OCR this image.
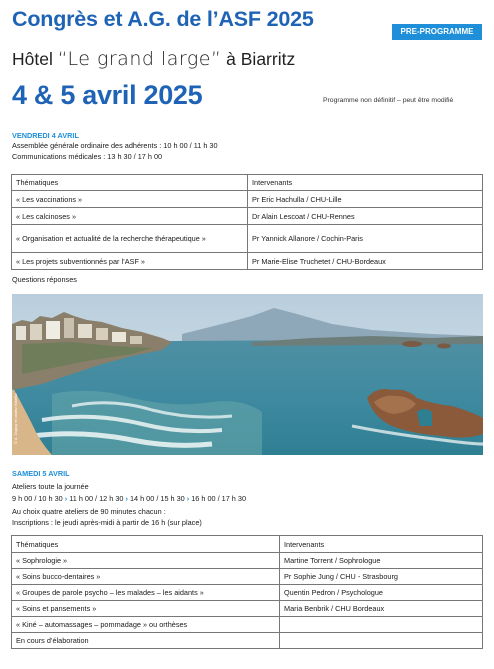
Congrès et A.G. de l’ASF 2025
PRE-PROGRAMME
Hôtel “Le grand large” à Biarritz
4 & 5 avril 2025	Programme non définitif – peut être modifié
VENDREDI 4 AVRIL
Assemblée générale ordinaire des adhérents : 10 h 00 / 11 h 30
Communications médicales : 13 h 30 / 17 h 00
Thématiques	Intervenants
« Les vaccinations »	Pr Eric Hachulla / CHU-Lille
« Les calcinoses »	Dr Alain Lescoat / CHU-Rennes
« Organisation et actualité de la recherche thérapeutique »	Pr Yannick Allanore / Cochin-Paris
« Les projets subventionnés par l’ASF »	Pr Marie-Elise Truchetet / CHU-Bordeaux
Questions réponses
© A. Dupuy et visitez Biarritz
SAMEDI 5 AVRIL
Ateliers toute la journée
9 h 00 / 10 h 30 › 11 h 00 / 12 h 30 › 14 h 00 / 15 h 30 › 16 h 00 / 17 h 30
Au choix quatre ateliers de 90 minutes chacun :
Inscriptions : le jeudi après-midi à partir de 16 h (sur place)
Thématiques	Intervenants
« Sophrologie »	Martine Torrent / Sophrologue
« Soins bucco-dentaires »	Pr Sophie Jung / CHU - Strasbourg
« Groupes de parole psycho – les malades – les aidants »	Quentin Pedron / Psychologue
« Soins et pansements »	Maria Benbrik / CHU Bordeaux
« Kiné – automassages – pommadage » ou orthèses	
En cours d’élaboration	
